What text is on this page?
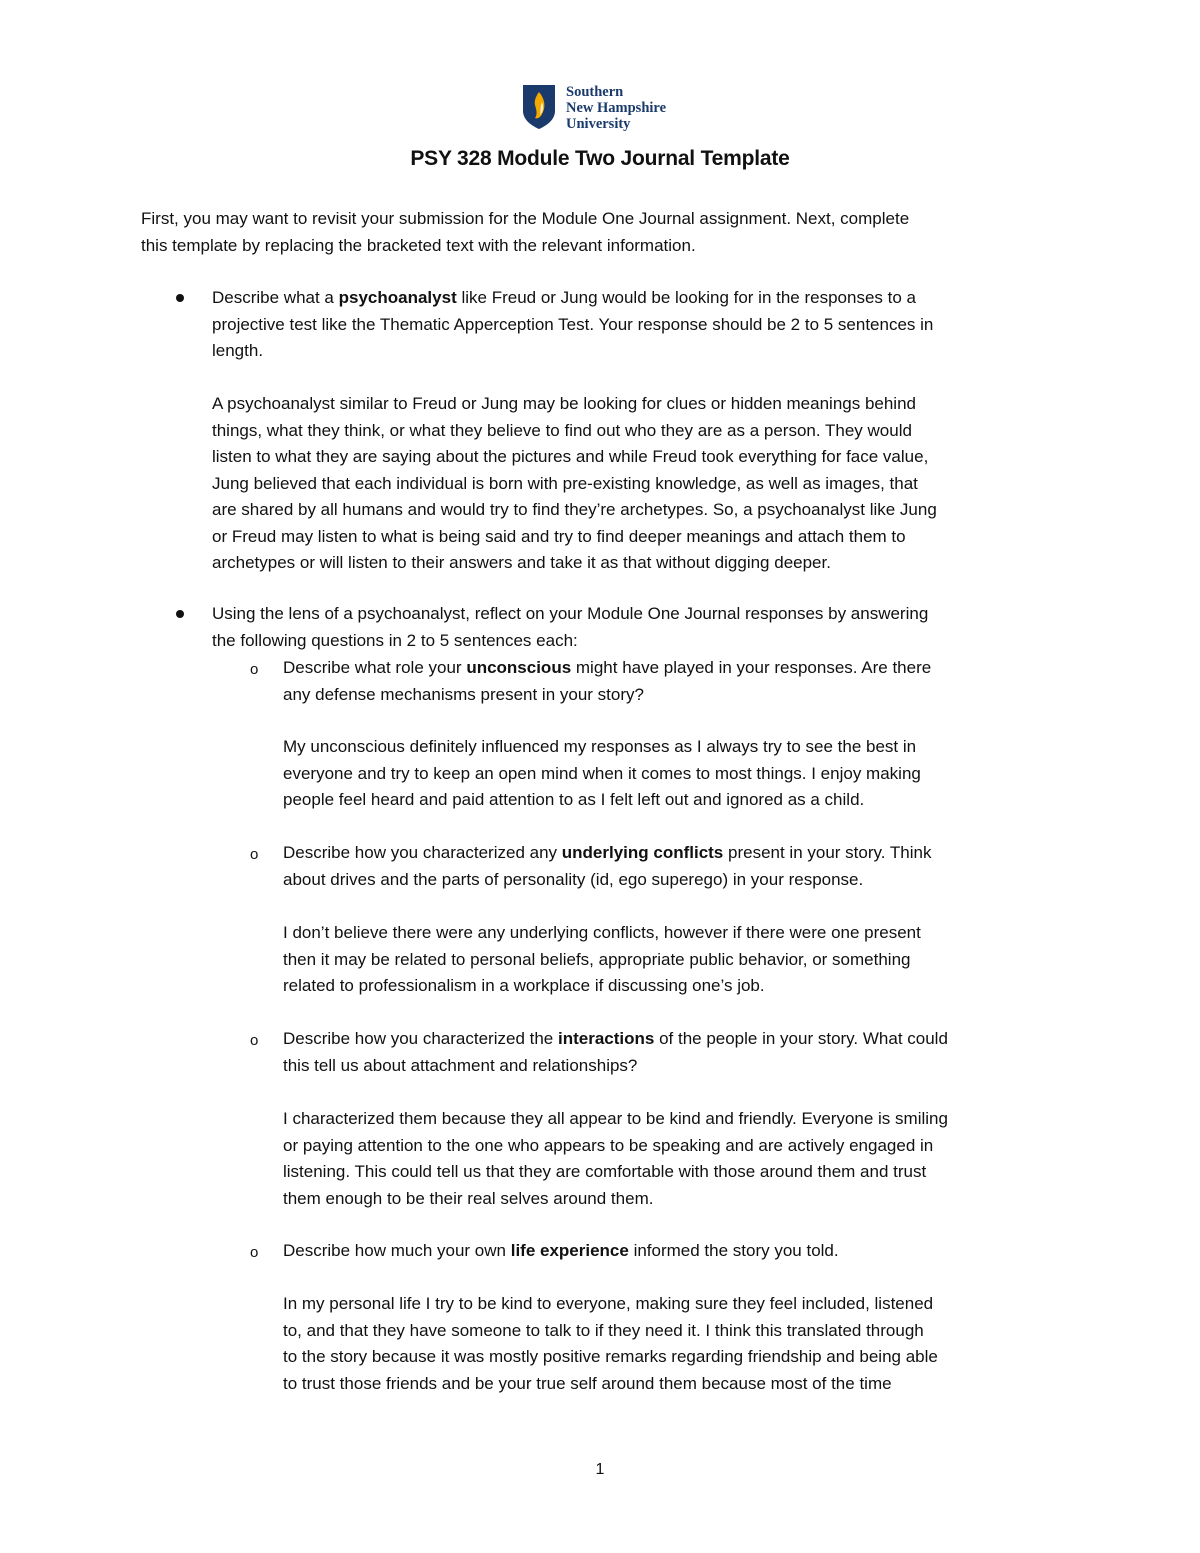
Southern
New Hampshire
University
PSY 328 Module Two Journal Template
First, you may want to revisit your submission for the Module One Journal assignment. Next, complete
this template by replacing the bracketed text with the relevant information.
Describe what a psychoanalyst like Freud or Jung would be looking for in the responses to a
projective test like the Thematic Apperception Test. Your response should be 2 to 5 sentences in
length.
A psychoanalyst similar to Freud or Jung may be looking for clues or hidden meanings behind
things, what they think, or what they believe to find out who they are as a person. They would
listen to what they are saying about the pictures and while Freud took everything for face value,
Jung believed that each individual is born with pre-existing knowledge, as well as images, that
are shared by all humans and would try to find they’re archetypes. So, a psychoanalyst like Jung
or Freud may listen to what is being said and try to find deeper meanings and attach them to
archetypes or will listen to their answers and take it as that without digging deeper.
Using the lens of a psychoanalyst, reflect on your Module One Journal responses by answering
the following questions in 2 to 5 sentences each:
o Describe what role your unconscious might have played in your responses. Are there
any defense mechanisms present in your story?
My unconscious definitely influenced my responses as I always try to see the best in
everyone and try to keep an open mind when it comes to most things. I enjoy making
people feel heard and paid attention to as I felt left out and ignored as a child.
o Describe how you characterized any underlying conflicts present in your story. Think
about drives and the parts of personality (id, ego superego) in your response.
I don’t believe there were any underlying conflicts, however if there were one present
then it may be related to personal beliefs, appropriate public behavior, or something
related to professionalism in a workplace if discussing one’s job.
o Describe how you characterized the interactions of the people in your story. What could
this tell us about attachment and relationships?
I characterized them because they all appear to be kind and friendly. Everyone is smiling
or paying attention to the one who appears to be speaking and are actively engaged in
listening. This could tell us that they are comfortable with those around them and trust
them enough to be their real selves around them.
o Describe how much your own life experience informed the story you told.
In my personal life I try to be kind to everyone, making sure they feel included, listened
to, and that they have someone to talk to if they need it. I think this translated through
to the story because it was mostly positive remarks regarding friendship and being able
to trust those friends and be your true self around them because most of the time
1
